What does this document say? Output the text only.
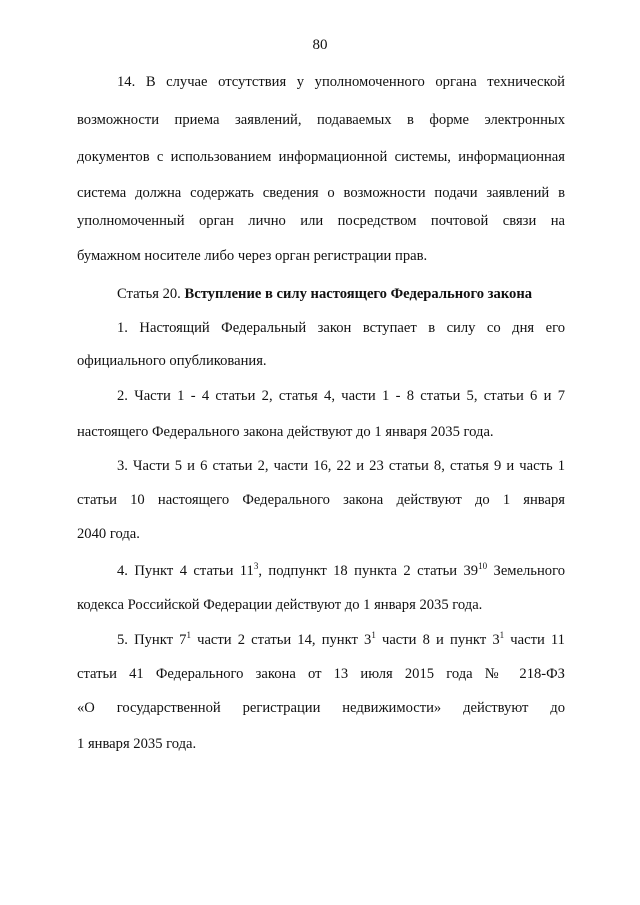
80
14. В случае отсутствия у уполномоченного органа технической
возможности приема заявлений, подаваемых в форме электронных
документов с использованием информационной системы, информационная
система должна содержать сведения о возможности подачи заявлений в
уполномоченный орган лично или посредством почтовой связи на
бумажном носителе либо через орган регистрации прав.
Статья 20. Вступление в силу настоящего Федерального закона
1. Настоящий Федеральный закон вступает в силу со дня его
официального опубликования.
2. Части 1 - 4 статьи 2, статья 4, части 1 - 8 статьи 5, статьи 6 и 7
настоящего Федерального закона действуют до 1 января 2035 года.
3. Части 5 и 6 статьи 2, части 16, 22 и 23 статьи 8, статья 9 и часть 1
статьи 10 настоящего Федерального закона действуют до 1 января
2040 года.
4. Пункт 4 статьи $11^3$, подпункт 18 пункта 2 статьи $39^{10}$ Земельного
кодекса Российской Федерации действуют до 1 января 2035 года.
5. Пункт $7^1$ части 2 статьи 14, пункт $3^1$ части 8 и пункт $3^1$ части 11
статьи 41 Федерального закона от 13 июля 2015 года № 218-ФЗ
«О государственной регистрации недвижимости» действуют до
1 января 2035 года.
